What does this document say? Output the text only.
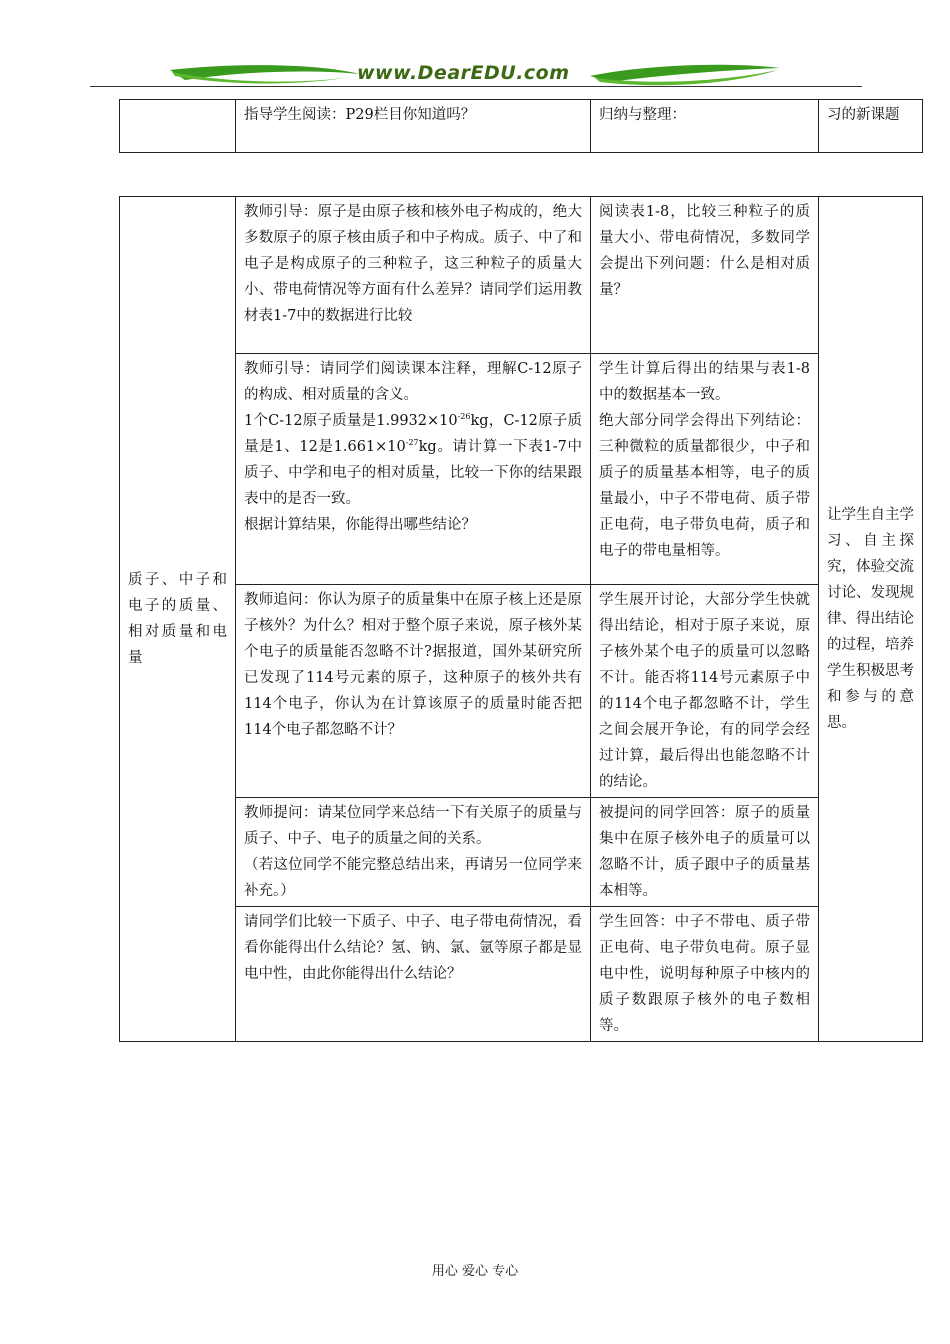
www.DearEDU.com
	指导学生阅读：P29栏目你知道吗？	归纳与整理：	习的新课题
质子、中子和电子的质量、相对质量和电量	教师引导：原子是由原子核和核外电子构成的，绝大多数原子的原子核由质子和中子构成。质子、中了和电子是构成原子的三种粒子，这三种粒子的质量大小、带电荷情况等方面有什么差异？请同学们运用教材表1-7中的数据进行比较	阅读表1-8，比较三种粒子的质量大小、带电荷情况，多数同学会提出下列问题：什么是相对质量？	让学生自主学习、自主探究，体验交流讨论、发现规律、得出结论的过程，培养学生积极思考和参与的意思。
	教师引导：请同学们阅读课本注释，理解C-12原子的构成、相对质量的含义。
1个C-12原子质量是$1.9932\times 10^{-26}kg$，C-12原子质量是1、12是$1.661\times 10^{-27}kg$。请计算一下表1-7中质子、中学和电子的相对质量，比较一下你的结果跟表中的是否一致。
根据计算结果，你能得出哪些结论？	学生计算后得出的结果与表1-8中的数据基本一致。
绝大部分同学会得出下列结论：三种微粒的质量都很少，中子和质子的质量基本相等，电子的质量最小，中子不带电荷、质子带正电荷，电子带负电荷，质子和电子的带电量相等。	
	教师追问：你认为原子的质量集中在原子核上还是原子核外？为什么？相对于整个原子来说，原子核外某个电子的质量能否忽略不计?据报道，国外某研究所已发现了114号元素的原子，这种原子的核外共有114个电子，你认为在计算该原子的质量时能否把114个电子都忽略不计？	学生展开讨论，大部分学生快就得出结论，相对于原子来说，原子核外某个电子的质量可以忽略不计。能否将114号元素原子中的114个电子都忽略不计，学生之间会展开争论，有的同学会经过计算，最后得出也能忽略不计的结论。	
	教师提问：请某位同学来总结一下有关原子的质量与质子、中子、电子的质量之间的关系。
（若这位同学不能完整总结出来，再请另一位同学来补充。）	被提问的同学回答：原子的质量集中在原子核外电子的质量可以忽略不计，质子跟中子的质量基本相等。	
	请同学们比较一下质子、中子、电子带电荷情况，看看你能得出什么结论？氢、钠、氯、氩等原子都是显电中性，由此你能得出什么结论？	学生回答：中子不带电、质子带正电荷、电子带负电荷。原子显电中性，说明每种原子中核内的质子数跟原子核外的电子数相等。	
用心 爱心 专心
